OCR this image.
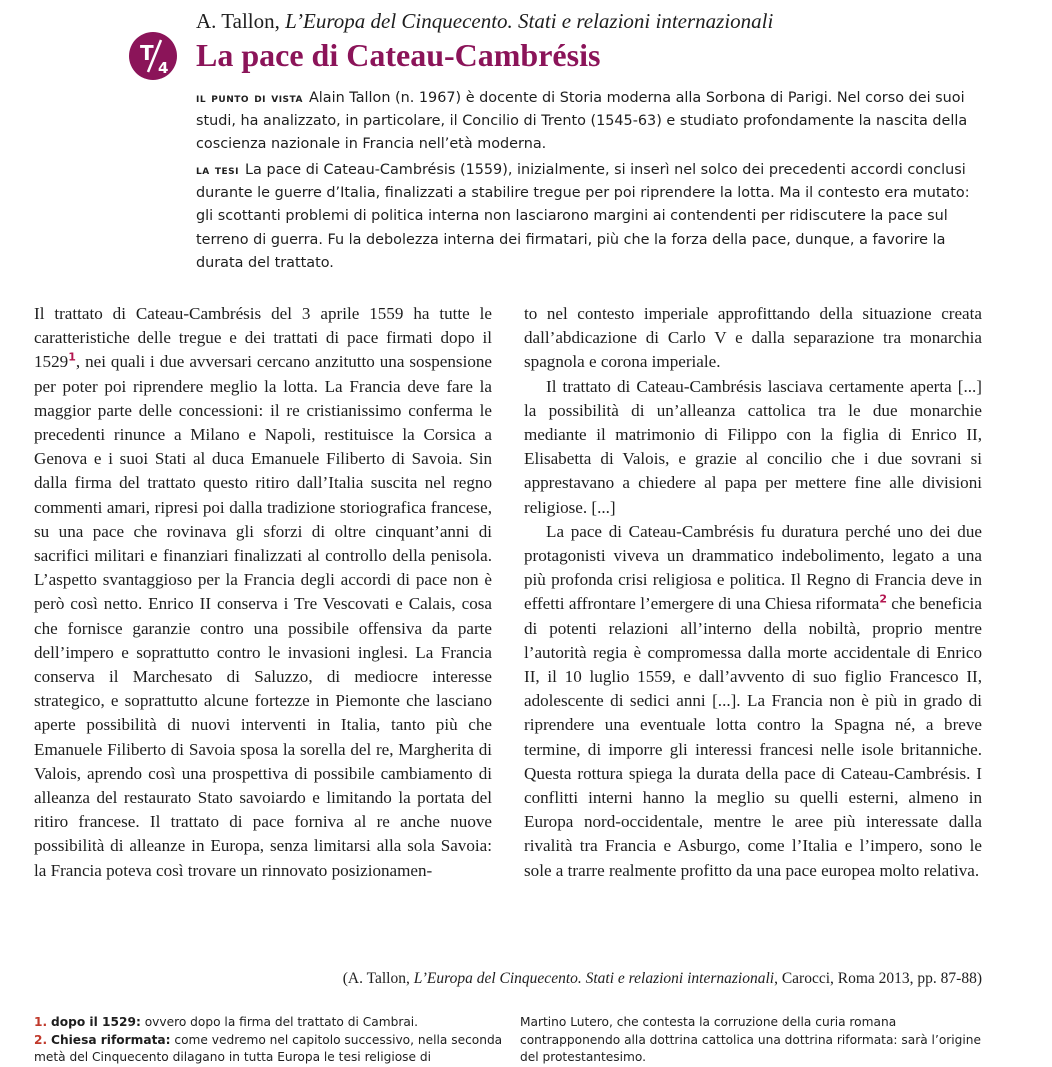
A. Tallon, L’Europa del Cinquecento. Stati e relazioni internazionali
T
4 La pace di Cateau-Cambrésis
il punto di vista Alain Tallon (n. 1967) è docente di Storia moderna alla Sorbona di Parigi. Nel corso dei suoi studi, ha analizzato, in particolare, il Concilio di Trento (1545-63) e studiato profondamente la nascita della coscienza nazionale in Francia nell’età moderna.
la tesi La pace di Cateau-Cambrésis (1559), inizialmente, si inserì nel solco dei precedenti accordi conclusi durante le guerre d’Italia, finalizzati a stabilire tregue per poi riprendere la lotta. Ma il contesto era mutato: gli scottanti problemi di politica interna non lasciarono margini ai contendenti per ridiscutere la pace sul terreno di guerra. Fu la debolezza interna dei firmatari, più che la forza della pace, dunque, a favorire la durata del trattato.

Il trattato di Cateau-Cambrésis del 3 aprile 1559 ha tutte le caratteristiche delle tregue e dei trattati di pace firmati dopo il 1529$^1$, nei quali i due avversari cercano anzitutto una sospensione per poter poi riprendere meglio la lotta. La Francia deve fare la maggior parte delle concessioni: il re cristianissimo conferma le precedenti rinunce a Milano e Napoli, restituisce la Corsica a Genova e i suoi Stati al duca Emanuele Filiberto di Savoia. Sin dalla firma del trattato questo ritiro dall’Italia suscita nel regno commenti amari, ripresi poi dalla tradizione storiografica francese, su una pace che rovinava gli sforzi di oltre cinquant’anni di sacrifici militari e finanziari finalizzati al controllo della penisola. L’aspetto svantaggioso per la Francia degli accordi di pace non è però così netto. Enrico II conserva i Tre Vescovati e Calais, cosa che fornisce garanzie contro una possibile offensiva da parte dell’impero e soprattutto contro le invasioni inglesi. La Francia conserva il Marchesato di Saluzzo, di mediocre interesse strategico, e soprattutto alcune fortezze in Piemonte che lasciano aperte possibilità di nuovi interventi in Italia, tanto più che Emanuele Filiberto di Savoia sposa la sorella del re, Margherita di Valois, aprendo così una prospettiva di possibile cambiamento di alleanza del restaurato Stato savoiardo e limitando la portata del ritiro francese. Il trattato di pace forniva al re anche nuove possibilità di alleanze in Europa, senza limitarsi alla sola Savoia: la Francia poteva così trovare un rinnovato posizionamen-

to nel contesto imperiale approfittando della situazione creata dall’abdicazione di Carlo V e dalla separazione tra monarchia spagnola e corona imperiale.

Il trattato di Cateau-Cambrésis lasciava certamente aperta [...] la possibilità di un’alleanza cattolica tra le due monarchie mediante il matrimonio di Filippo con la figlia di Enrico II, Elisabetta di Valois, e grazie al concilio che i due sovrani si apprestavano a chiedere al papa per mettere fine alle divisioni religiose. [...]

La pace di Cateau-Cambrésis fu duratura perché uno dei due protagonisti viveva un drammatico indebolimento, legato a una più profonda crisi religiosa e politica. Il Regno di Francia deve in effetti affrontare l’emergere di una Chiesa riformata$^2$ che beneficia di potenti relazioni all’interno della nobiltà, proprio mentre l’autorità regia è compromessa dalla morte accidentale di Enrico II, il 10 luglio 1559, e dall’avvento di suo figlio Francesco II, adolescente di sedici anni [...]. La Francia non è più in grado di riprendere una eventuale lotta contro la Spagna né, a breve termine, di imporre gli interessi francesi nelle isole britanniche. Questa rottura spiega la durata della pace di Cateau-Cambrésis. I conflitti interni hanno la meglio su quelli esterni, almeno in Europa nord-occidentale, mentre le aree più interessate dalla rivalità tra Francia e Asburgo, come l’Italia e l’impero, sono le sole a trarre realmente profitto da una pace europea molto relativa.

(A. Tallon, L’Europa del Cinquecento. Stati e relazioni internazionali, Carocci, Roma 2013, pp. 87-88)
1. dopo il 1529: ovvero dopo la firma del trattato di Cambrai.
2. Chiesa riformata: come vedremo nel capitolo successivo, nella seconda metà del Cinquecento dilagano in tutta Europa le tesi religiose di
Martino Lutero, che contesta la corruzione della curia romana contrapponendo alla dottrina cattolica una dottrina riformata: sarà l’origine del protestantesimo.
